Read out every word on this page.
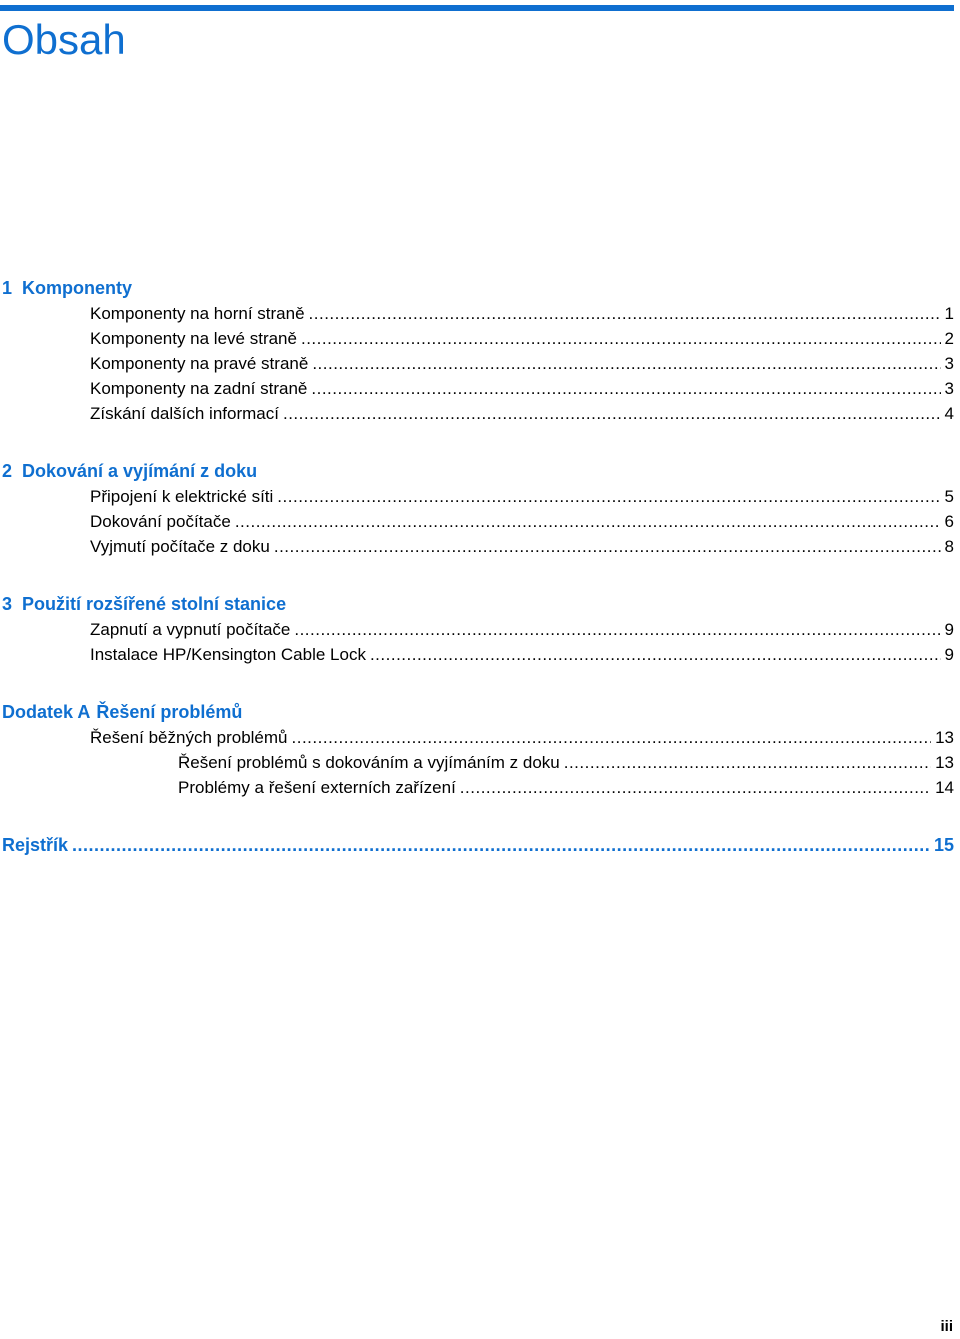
Obsah
1 Komponenty
Komponenty na horní straně .....	1
Komponenty na levé straně .....	2
Komponenty na pravé straně .....	3
Komponenty na zadní straně .....	3
Získání dalších informací .....	4
2 Dokování a vyjímání z doku
Připojení k elektrické síti .....	5
Dokování počítače .....	6
Vyjmutí počítače z doku .....	8
3 Použití rozšířené stolní stanice
Zapnutí a vypnutí počítače .....	9
Instalace HP/Kensington Cable Lock .....	9
Dodatek A Řešení problémů
Řešení běžných problémů .....	13
Řešení problémů s dokováním a vyjímáním z doku .....	13
Problémy a řešení externích zařízení .....	14
Rejstřík .....	15
iii
